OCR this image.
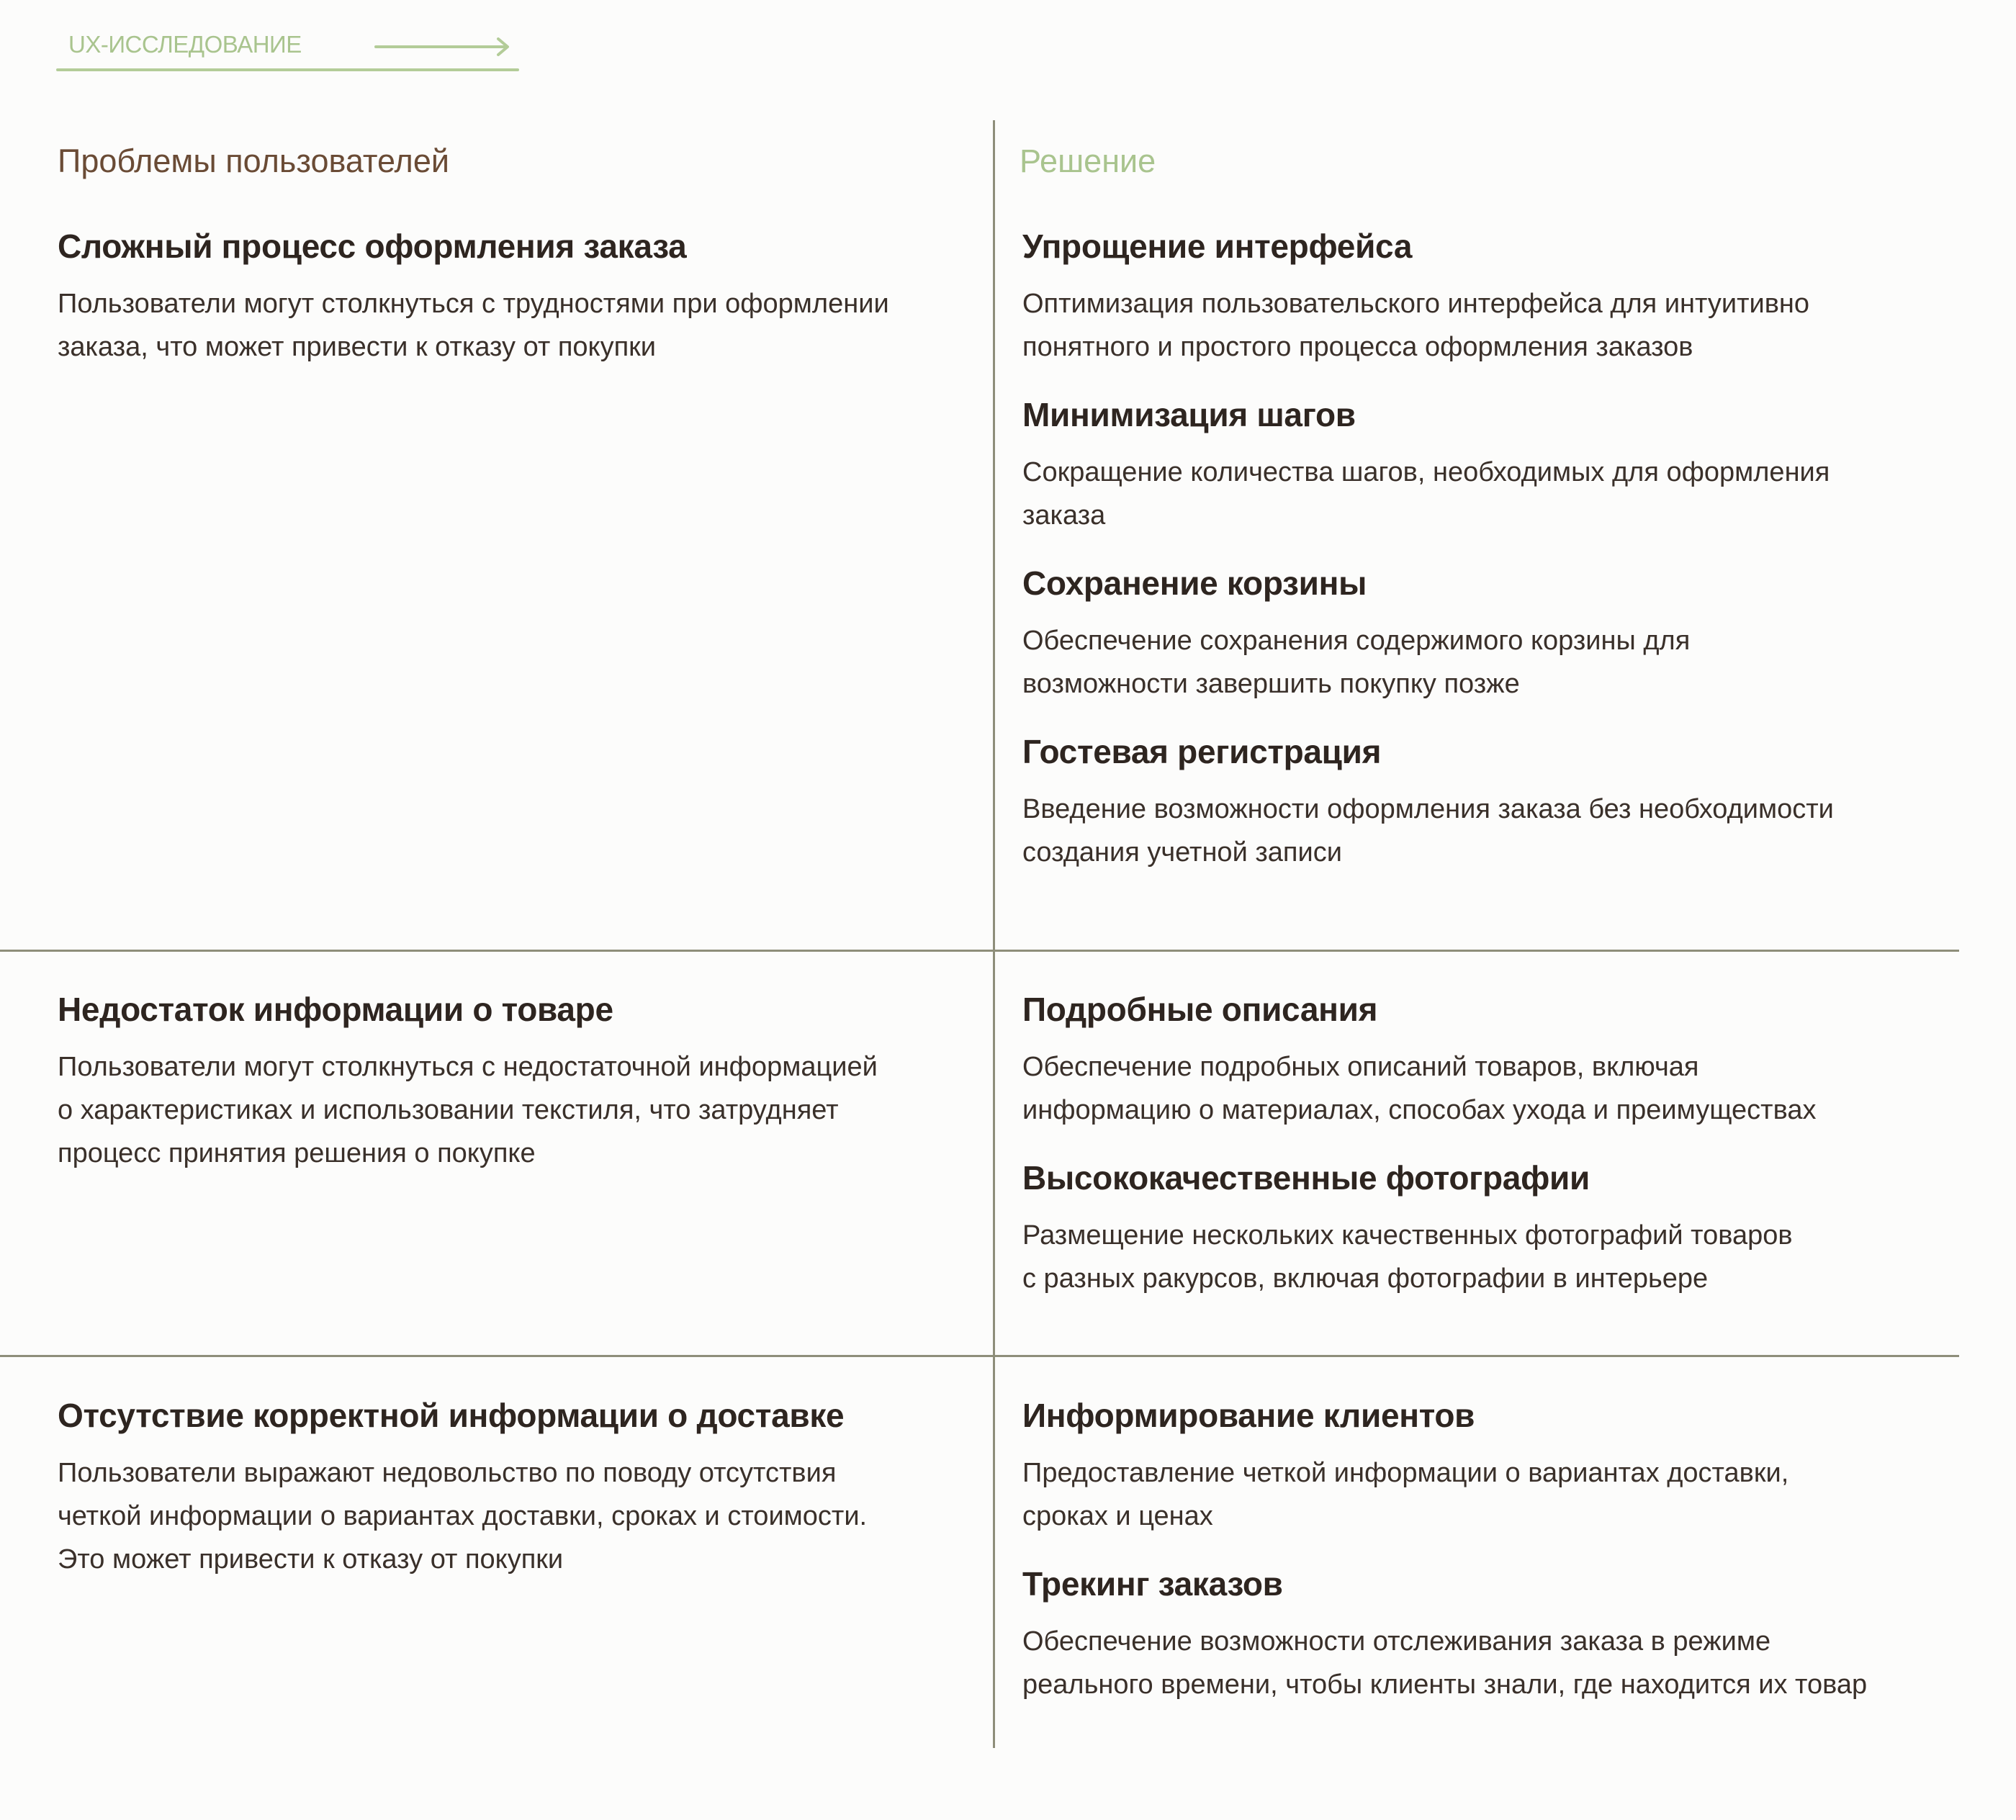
UX-ИССЛЕДОВАНИЕ
Проблемы пользователей	Решение
Сложный процесс оформления заказа

Пользователи могут столкнуться с трудностями при оформлении
заказа, что может привести к отказу от покупки

Упрощение интерфейса

Оптимизация пользовательского интерфейса для интуитивно
понятного и простого процесса оформления заказов

Минимизация шагов

Сокращение количества шагов, необходимых для оформления
заказа

Сохранение корзины

Обеспечение сохранения содержимого корзины для
возможности завершить покупку позже

Гостевая регистрация

Введение возможности оформления заказа без необходимости
создания учетной записи

Недостаток информации о товаре

Пользователи могут столкнуться с недостаточной информацией
о характеристиках и использовании текстиля, что затрудняет
процесс принятия решения о покупке

Подробные описания

Обеспечение подробных описаний товаров, включая
информацию о материалах, способах ухода и преимуществах

Высококачественные фотографии

Размещение нескольких качественных фотографий товаров
с разных ракурсов, включая фотографии в интерьере

Отсутствие корректной информации о доставке

Пользователи выражают недовольство по поводу отсутствия
четкой информации о вариантах доставки, сроках и стоимости.
Это может привести к отказу от покупки

Информирование клиентов

Предоставление четкой информации о вариантах доставки,
сроках и ценах

Трекинг заказов

Обеспечение возможности отслеживания заказа в режиме
реального времени, чтобы клиенты знали, где находится их товар
